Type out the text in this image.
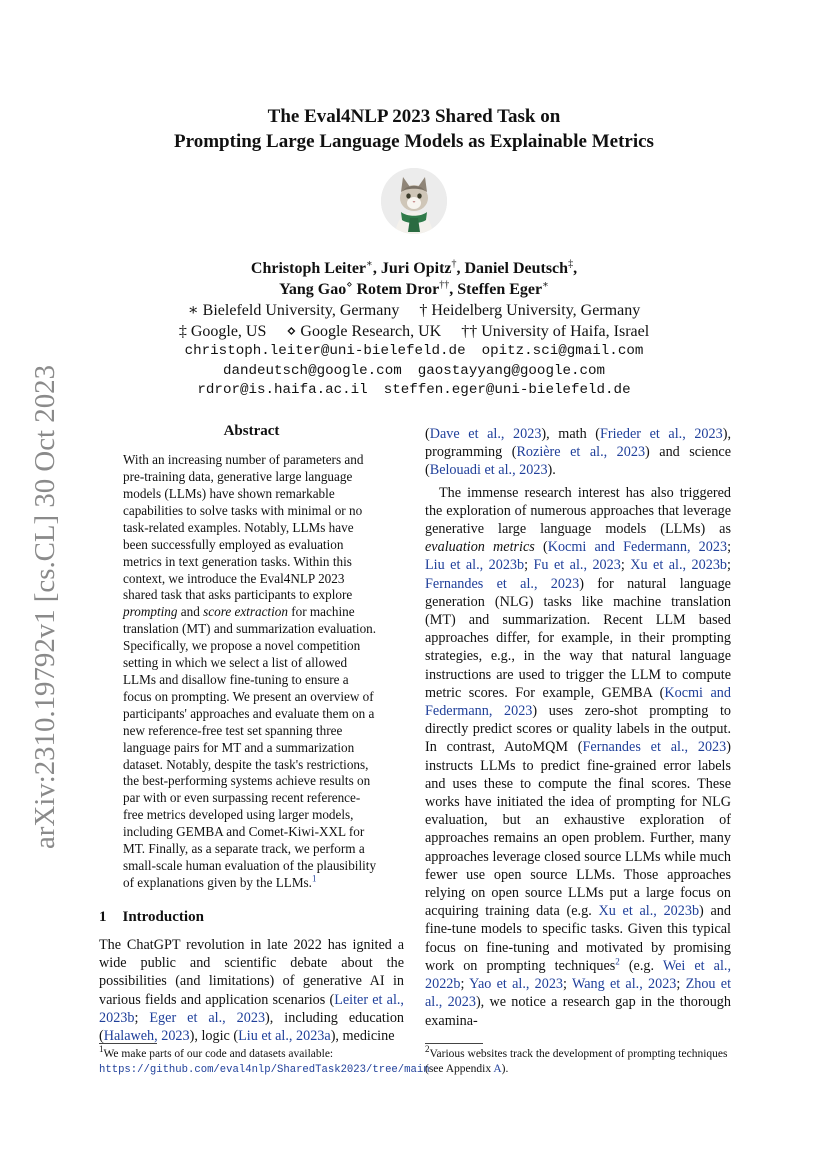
arXiv:2310.19792v1 [cs.CL] 30 Oct 2023

The Eval4NLP 2023 Shared Task on

Prompting Large Language Models as Explainable Metrics

Christoph Leiter∗, Juri Opitz†, Daniel Deutsch‡,
Yang Gao⋄ Rotem Dror††, Steffen Eger∗
∗ Bielefeld University, Germany † Heidelberg University, Germany
‡ Google, US ⋄ Google Research, UK †† University of Haifa, Israel
christoph.leiter@uni-bielefeld.de opitz.sci@gmail.com
dandeutsch@google.com gaostayyang@google.com
rdror@is.haifa.ac.il steffen.eger@uni-bielefeld.de
Abstract

With an increasing number of parameters and pre-training data, generative large language models (LLMs) have shown remarkable capabilities to solve tasks with minimal or no task-related examples. Notably, LLMs have been successfully employed as evaluation metrics in text generation tasks. Within this context, we introduce the Eval4NLP 2023 shared task that asks participants to explore prompting and score extraction for machine translation (MT) and summarization evaluation. Specifically, we propose a novel competition setting in which we select a list of allowed LLMs and disallow fine-tuning to ensure a focus on prompting. We present an overview of participants' approaches and evaluate them on a new reference-free test set spanning three language pairs for MT and a summarization dataset. Notably, despite the task's restrictions, the best-performing systems achieve results on par with or even surpassing recent reference-free metrics developed using larger models, including GEMBA and Comet-Kiwi-XXL for MT. Finally, as a separate track, we perform a small-scale human evaluation of the plausibility of explanations given by the LLMs.$^1$

1 Introduction

The ChatGPT revolution in late 2022 has ignited a wide public and scientific debate about the possibilities (and limitations) of generative AI in various fields and application scenarios (Leiter et al., 2023b; Eger et al., 2023), including education (Halaweh, 2023), logic (Liu et al., 2023a), medicine

(Dave et al., 2023), math (Frieder et al., 2023), programming (Rozière et al., 2023) and science (Belouadi et al., 2023).

The immense research interest has also triggered the exploration of numerous approaches that leverage generative large language models (LLMs) as evaluation metrics (Kocmi and Federmann, 2023; Liu et al., 2023b; Fu et al., 2023; Xu et al., 2023b; Fernandes et al., 2023) for natural language generation (NLG) tasks like machine translation (MT) and summarization. Recent LLM based approaches differ, for example, in their prompting strategies, e.g., in the way that natural language instructions are used to trigger the LLM to compute metric scores. For example, GEMBA (Kocmi and Federmann, 2023) uses zero-shot prompting to directly predict scores or quality labels in the output. In contrast, AutoMQM (Fernandes et al., 2023) instructs LLMs to predict fine-grained error labels and uses these to compute the final scores. These works have initiated the idea of prompting for NLG evaluation, but an exhaustive exploration of approaches remains an open problem. Further, many approaches leverage closed source LLMs while much fewer use open source LLMs. Those approaches relying on open source LLMs put a large focus on acquiring training data (e.g. Xu et al., 2023b) and fine-tune models to specific tasks. Given this typical focus on fine-tuning and motivated by promising work on prompting techniques$^2$ (e.g. Wei et al., 2022b; Yao et al., 2023; Wang et al., 2023; Zhou et al., 2023), we notice a research gap in the thorough examina-

$^1$We make parts of our code and datasets available: https://github.com/eval4nlp/SharedTask2023/tree/main
$^2$Various websites track the development of prompting techniques (see Appendix A).
